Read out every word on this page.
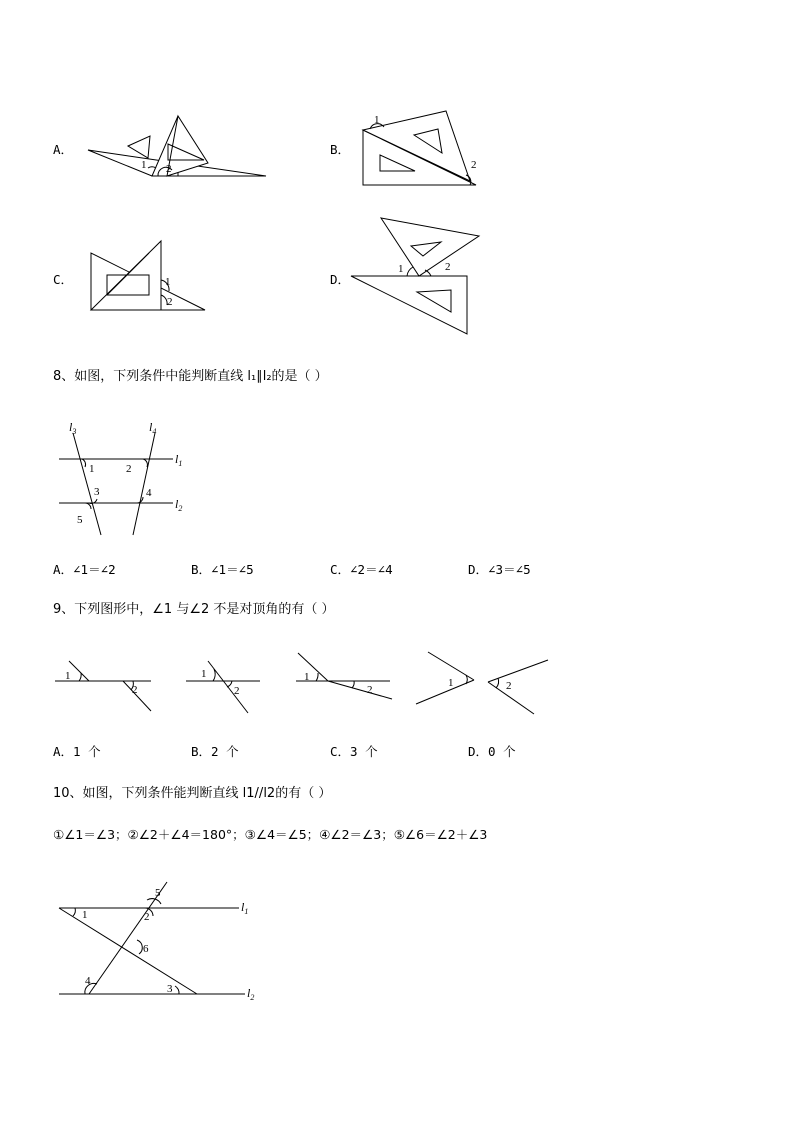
A．
1 2
B．
1
2
C．	1
2
D．
1	2
8、如图，下列条件中能判断直线 l₁∥l₂的是（ ）
$l_3$	$l_4$
$l_1$
$l_2$
1	2
3	4
5
A．∠1＝∠2	B．∠1＝∠5	C．∠2＝∠4	D．∠3＝∠5
9、下列图形中，∠1 与∠2 不是对顶角的有（ ）
1
2
1
2
1
2
1	2
A．1 个	B．2 个	C．3 个	D．0 个
10、如图，下列条件能判断直线 l1//l2的有（ ）
①∠1＝∠3；②∠2＋∠4＝180°；③∠4＝∠5；④∠2＝∠3；⑤∠6＝∠2＋∠3
$l_1$
$l_2$
1	2
3
4
5
6
